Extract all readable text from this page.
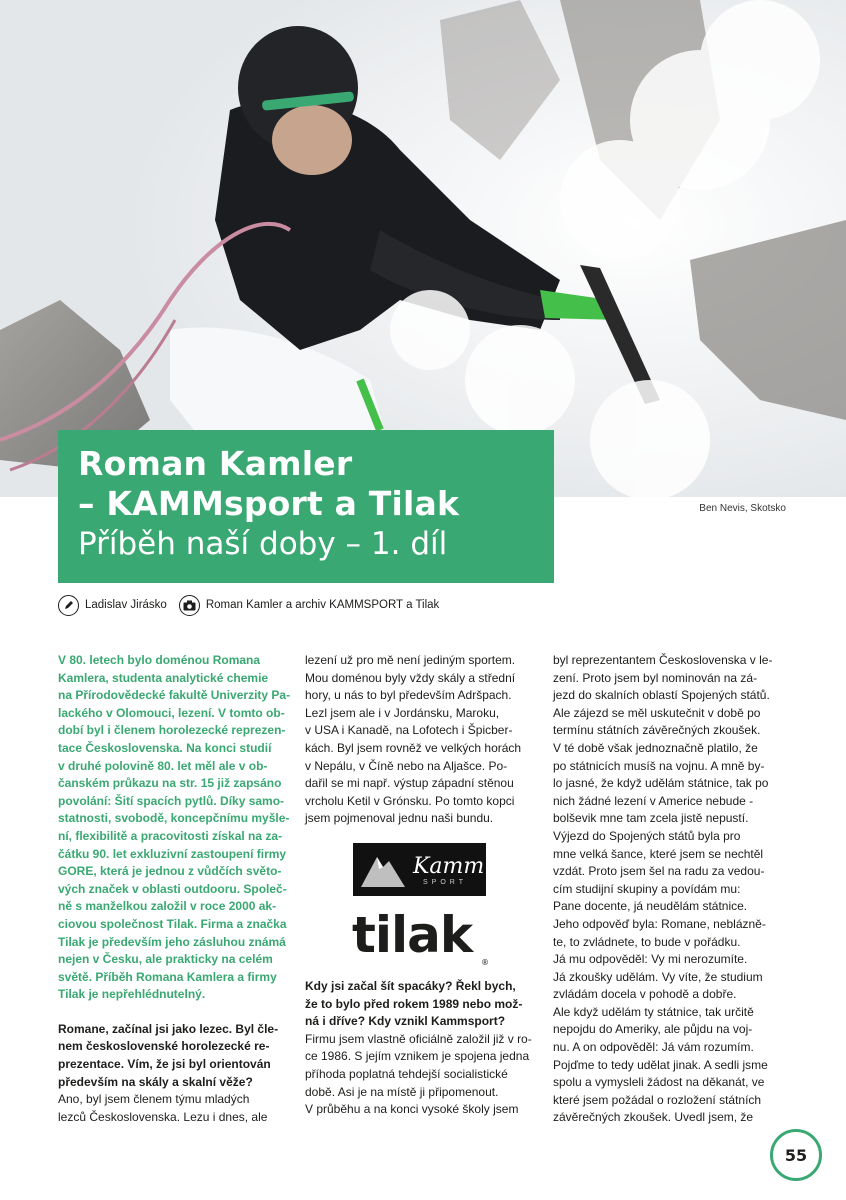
Ben Nevis, Skotsko
Roman Kamler
– KAMMsport a Tilak
Příběh naší doby – 1. díl
Ladislav Jirásko	Roman Kamler a archiv KAMMSPORT a Tilak
V 80. letech bylo doménou Romana
Kamlera, studenta analytické chemie
na Přírodovědecké fakultě Univerzity Pa-
lackého v Olomouci, lezení. V tomto ob-
dobí byl i členem horolezecké reprezen-
tace Československa. Na konci studií
v druhé polovině 80. let měl ale v ob-
čanském průkazu na str. 15 již zapsáno
povolání: Šití spacích pytlů. Díky samo-
statnosti, svobodě, koncepčnímu myšle-
ní, flexibilitě a pracovitosti získal na za-
čátku 90. let exkluzivní zastoupení firmy
GORE, která je jednou z vůdčích světo-
vých značek v oblasti outdooru. Společ-
ně s manželkou založil v roce 2000 ak-
ciovou společnost Tilak. Firma a značka
Tilak je především jeho zásluhou známá
nejen v Česku, ale prakticky na celém
světě. Příběh Romana Kamlera a firmy
Tilak je nepřehlédnutelný.
Romane, začínal jsi jako lezec. Byl čle-
nem československé horolezecké re-
prezentace. Vím, že jsi byl orientován
především na skály a skalní věže?
Ano, byl jsem členem týmu mladých
lezců Československa. Lezu i dnes, ale
lezení už pro mě není jediným sportem.
Mou doménou byly vždy skály a střední
hory, u nás to byl především Adršpach.
Lezl jsem ale i v Jordánsku, Maroku,
v USA i Kanadě, na Lofotech i Špicber-
kách. Byl jsem rovněž ve velkých horách
v Nepálu, v Číně nebo na Aljašce. Po-
dařil se mi např. výstup západní stěnou
vrcholu Ketil v Grónsku. Po tomto kopci
jsem pojmenoval jednu naši bundu.
Kamm
SPORT
tilak ®
Kdy jsi začal šít spacáky? Řekl bych,
že to bylo před rokem 1989 nebo mož-
ná i dříve? Kdy vznikl Kammsport?
Firmu jsem vlastně oficiálně založil již v ro-
ce 1986. S jejím vznikem je spojena jedna
příhoda poplatná tehdejší socialistické
době. Asi je na místě ji připomenout.
V průběhu a na konci vysoké školy jsem
byl reprezentantem Československa v le-
zení. Proto jsem byl nominován na zá-
jezd do skalních oblastí Spojených států.
Ale zájezd se měl uskutečnit v době po
termínu státních závěrečných zkoušek.
V té době však jednoznačně platilo, že
po státnicích musíš na vojnu. A mně by-
lo jasné, že když udělám státnice, tak po
nich žádné lezení v Americe nebude -
bolševik mne tam zcela jistě nepustí.
Výjezd do Spojených států byla pro
mne velká šance, které jsem se nechtěl
vzdát. Proto jsem šel na radu za vedou-
cím studijní skupiny a povídám mu:
Pane docente, já neudělám státnice.
Jeho odpověď byla: Romane, neblázně-
te, to zvládnete, to bude v pořádku.
Já mu odpověděl: Vy mi nerozumíte.
Já zkoušky udělám. Vy víte, že studium
zvládám docela v pohodě a dobře.
Ale když udělám ty státnice, tak určitě
nepojdu do Ameriky, ale půjdu na voj-
nu. A on odpověděl: Já vám rozumím.
Pojďme to tedy udělat jinak. A sedli jsme
spolu a vymysleli žádost na děkanát, ve
které jsem požádal o rozložení státních
závěrečných zkoušek. Uvedl jsem, že
55
